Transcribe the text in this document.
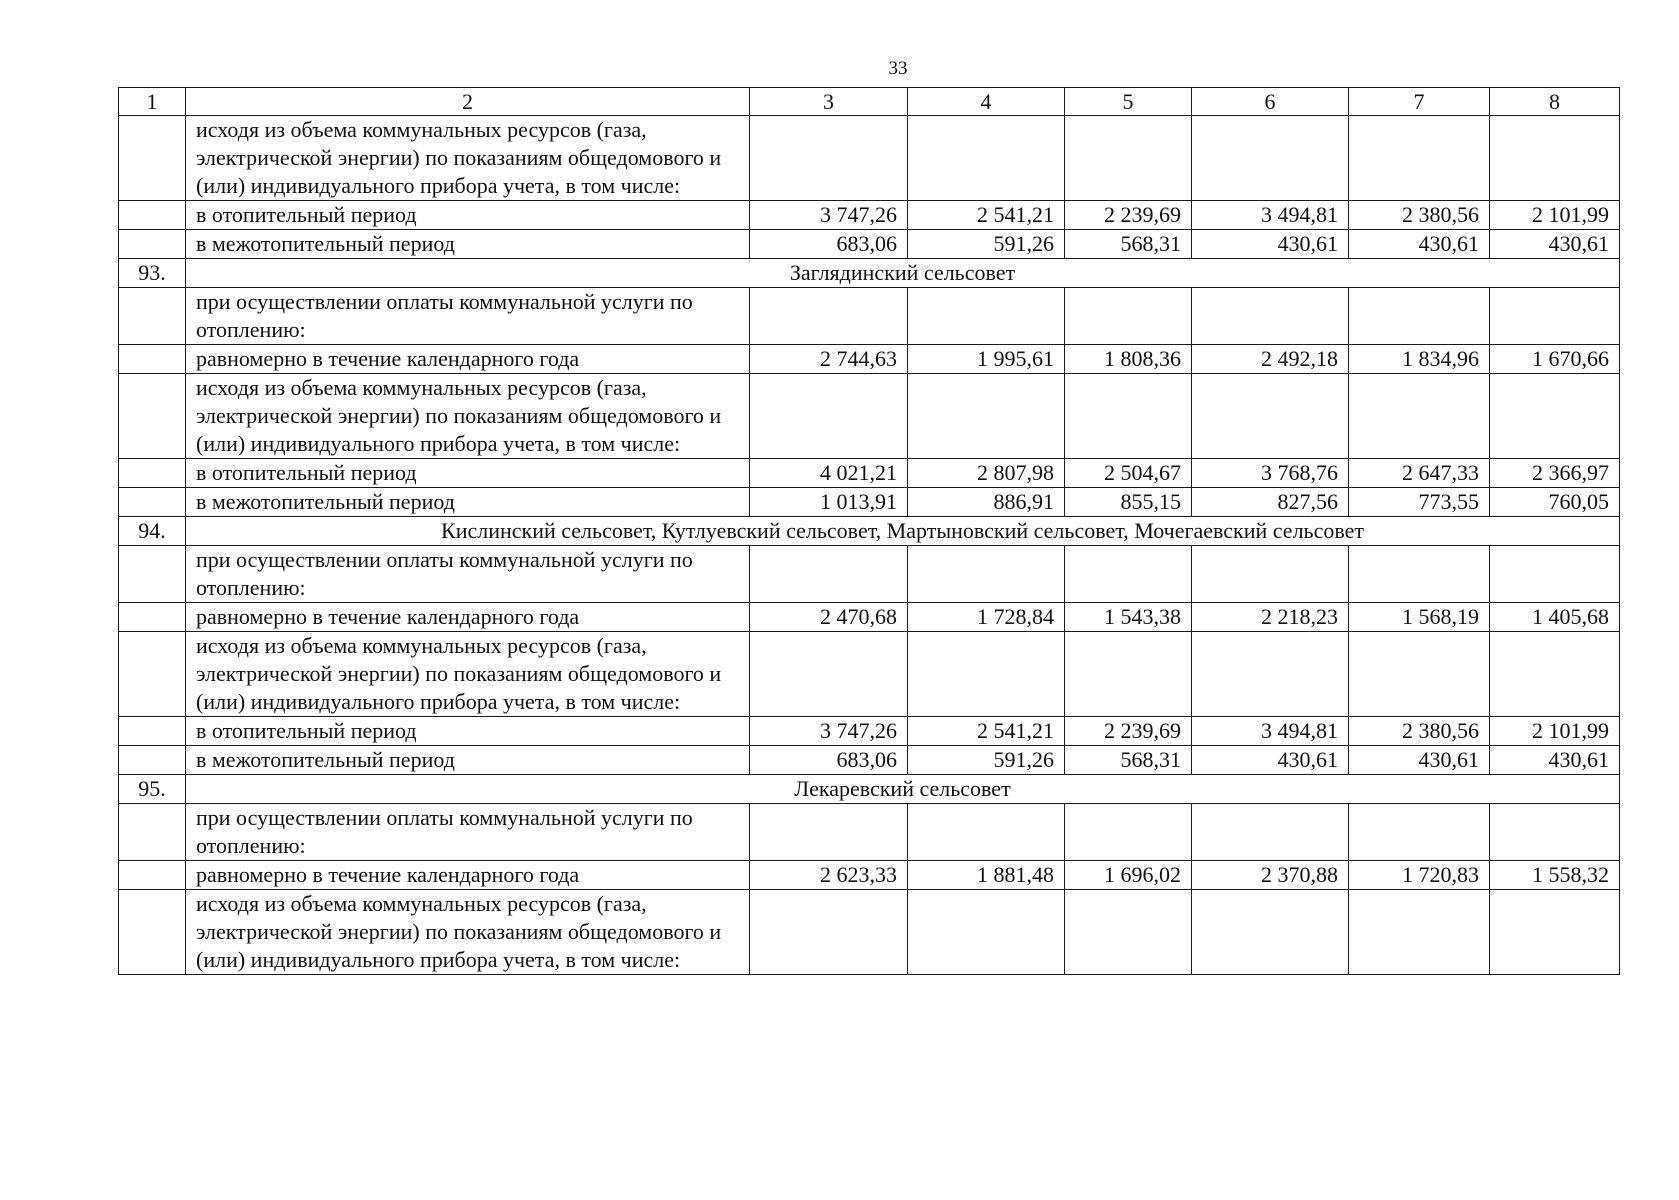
33
1	2	3	4	5	6	7	8
	исходя из объема коммунальных ресурсов (газа, электрической энергии) по показаниям общедомового и (или) индивидуального прибора учета, в том числе:						
	в отопительный период	3 747,26	2 541,21	2 239,69	3 494,81	2 380,56	2 101,99
	в межотопительный период	683,06	591,26	568,31	430,61	430,61	430,61
93.	Заглядинский сельсовет						
	при осуществлении оплаты коммунальной услуги по отоплению:						
	равномерно в течение календарного года	2 744,63	1 995,61	1 808,36	2 492,18	1 834,96	1 670,66
	исходя из объема коммунальных ресурсов (газа, электрической энергии) по показаниям общедомового и (или) индивидуального прибора учета, в том числе:						
	в отопительный период	4 021,21	2 807,98	2 504,67	3 768,76	2 647,33	2 366,97
	в межотопительный период	1 013,91	886,91	855,15	827,56	773,55	760,05
94.	Кислинский сельсовет, Кутлуевский сельсовет, Мартыновский сельсовет, Мочегаевский сельсовет						
	при осуществлении оплаты коммунальной услуги по отоплению:						
	равномерно в течение календарного года	2 470,68	1 728,84	1 543,38	2 218,23	1 568,19	1 405,68
	исходя из объема коммунальных ресурсов (газа, электрической энергии) по показаниям общедомового и (или) индивидуального прибора учета, в том числе:						
	в отопительный период	3 747,26	2 541,21	2 239,69	3 494,81	2 380,56	2 101,99
	в межотопительный период	683,06	591,26	568,31	430,61	430,61	430,61
95.	Лекаревский сельсовет						
	при осуществлении оплаты коммунальной услуги по отоплению:						
	равномерно в течение календарного года	2 623,33	1 881,48	1 696,02	2 370,88	1 720,83	1 558,32
	исходя из объема коммунальных ресурсов (газа, электрической энергии) по показаниям общедомового и (или) индивидуального прибора учета, в том числе:						
